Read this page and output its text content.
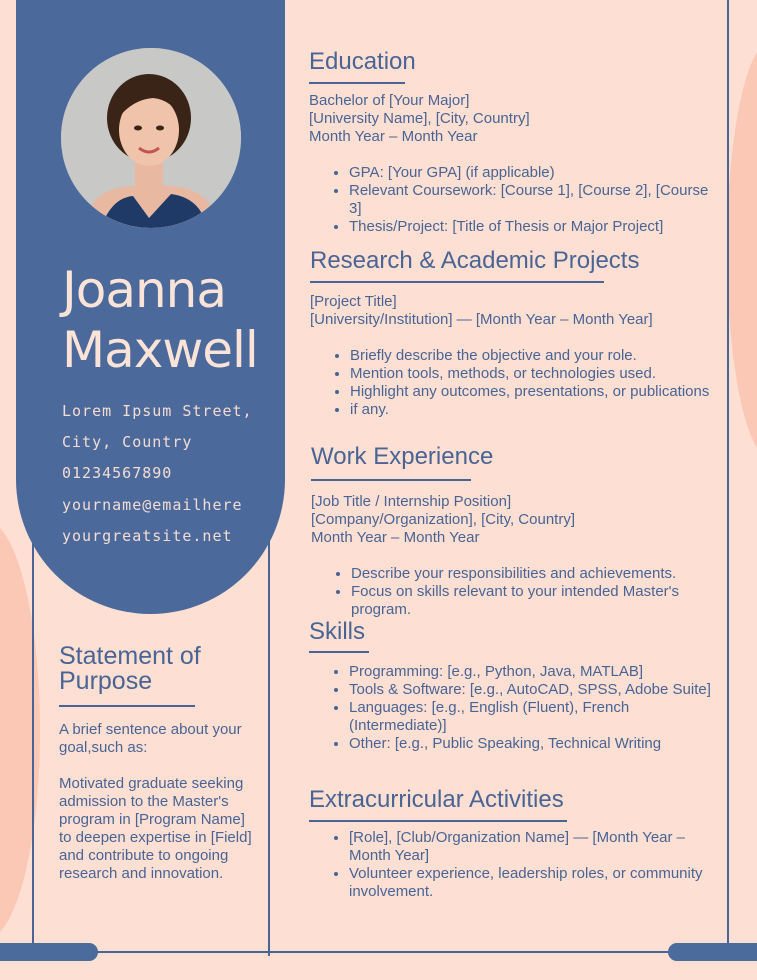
Joanna
Maxwell
Lorem Ipsum Street,
City, Country
01234567890
yourname@emailhere
yourgreatsite.net
Statement of Purpose

A brief sentence about your goal,such as:

Motivated graduate seeking admission to the Master's program in [Program Name] to deepen expertise in [Field] and contribute to ongoing research and innovation.

Education
Bachelor of [Your Major]
[University Name], [City, Country]
Month Year – Month Year
• GPA: [Your GPA] (if applicable)
• Relevant Coursework: [Course 1], [Course 2], [Course 3]
• Thesis/Project: [Title of Thesis or Major Project]
Research & Academic Projects
[Project Title]
[University/Institution] — [Month Year – Month Year]
• Briefly describe the objective and your role.
• Mention tools, methods, or technologies used.
• Highlight any outcomes, presentations, or publications
• if any.
Work Experience
[Job Title / Internship Position]
[Company/Organization], [City, Country]
Month Year – Month Year
• Describe your responsibilities and achievements.
• Focus on skills relevant to your intended Master's program.
Skills
• Programming: [e.g., Python, Java, MATLAB]
• Tools & Software: [e.g., AutoCAD, SPSS, Adobe Suite]
• Languages: [e.g., English (Fluent), French (Intermediate)]
• Other: [e.g., Public Speaking, Technical Writing
Extracurricular Activities
• [Role], [Club/Organization Name] — [Month Year – Month Year]
• Volunteer experience, leadership roles, or community involvement.
